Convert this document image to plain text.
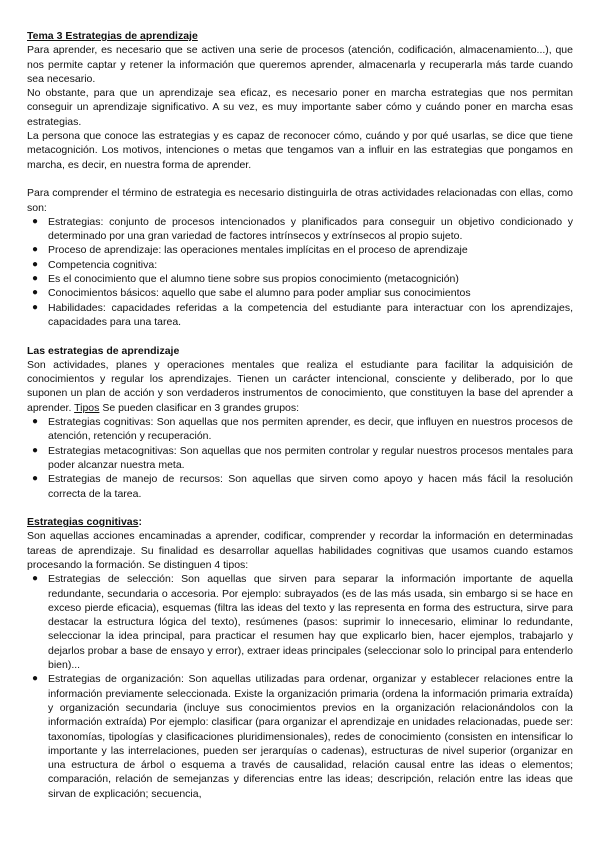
Tema 3 Estrategias de aprendizaje

Para aprender, es necesario que se activen una serie de procesos (atención, codificación, almacenamiento...), que nos permite captar y retener la información que queremos aprender, almacenarla y recuperarla más tarde cuando sea necesario.

No obstante, para que un aprendizaje sea eficaz, es necesario poner en marcha estrategias que nos permitan conseguir un aprendizaje significativo. A su vez, es muy importante saber cómo y cuándo poner en marcha esas estrategias.

La persona que conoce las estrategias y es capaz de reconocer cómo, cuándo y por qué usarlas, se dice que tiene metacognición. Los motivos, intenciones o metas que tengamos van a influir en las estrategias que pongamos en marcha, es decir, en nuestra forma de aprender.

Para comprender el término de estrategia es necesario distinguirla de otras actividades relacionadas con ellas, como son:

● Estrategias: conjunto de procesos intencionados y planificados para conseguir un objetivo condicionado y determinado por una gran variedad de factores intrínsecos y extrínsecos al propio sujeto.
● Proceso de aprendizaje: las operaciones mentales implícitas en el proceso de aprendizaje
● Competencia cognitiva:
● Es el conocimiento que el alumno tiene sobre sus propios conocimiento (metacognición)
● Conocimientos básicos: aquello que sabe el alumno para poder ampliar sus conocimientos
● Habilidades: capacidades referidas a la competencia del estudiante para interactuar con los aprendizajes, capacidades para una tarea.

Las estrategias de aprendizaje

Son actividades, planes y operaciones mentales que realiza el estudiante para facilitar la adquisición de conocimientos y regular los aprendizajes. Tienen un carácter intencional, consciente y deliberado, por lo que suponen un plan de acción y son verdaderos instrumentos de conocimiento, que constituyen la base del aprender a aprender. Tipos Se pueden clasificar en 3 grandes grupos:

● Estrategias cognitivas: Son aquellas que nos permiten aprender, es decir, que influyen en nuestros procesos de atención, retención y recuperación.
● Estrategias metacognitivas: Son aquellas que nos permiten controlar y regular nuestros procesos mentales para poder alcanzar nuestra meta.
● Estrategias de manejo de recursos: Son aquellas que sirven como apoyo y hacen más fácil la resolución correcta de la tarea.

Estrategias cognitivas:

Son aquellas acciones encaminadas a aprender, codificar, comprender y recordar la información en determinadas tareas de aprendizaje. Su finalidad es desarrollar aquellas habilidades cognitivas que usamos cuando estamos procesando la formación. Se distinguen 4 tipos:

● Estrategias de selección: Son aquellas que sirven para separar la información importante de aquella redundante, secundaria o accesoria. Por ejemplo: subrayados (es de las más usada, sin embargo si se hace en exceso pierde eficacia), esquemas (filtra las ideas del texto y las representa en forma des estructura, sirve para destacar la estructura lógica del texto), resúmenes (pasos: suprimir lo innecesario, eliminar lo redundante, seleccionar la idea principal, para practicar el resumen hay que explicarlo bien, hacer ejemplos, trabajarlo y dejarlos probar a base de ensayo y error), extraer ideas principales (seleccionar solo lo principal para entenderlo bien)...
● Estrategias de organización: Son aquellas utilizadas para ordenar, organizar y establecer relaciones entre la información previamente seleccionada. Existe la organización primaria (ordena la información primaria extraída) y organización secundaria (incluye sus conocimientos previos en la organización relacionándolos con la información extraída) Por ejemplo: clasificar (para organizar el aprendizaje en unidades relacionadas, puede ser: taxonomías, tipologías y clasificaciones pluridimensionales), redes de conocimiento (consisten en intensificar lo importante y las interrelaciones, pueden ser jerarquías o cadenas), estructuras de nivel superior (organizar en una estructura de árbol o esquema a través de causalidad, relación causal entre las ideas o elementos; comparación, relación de semejanzas y diferencias entre las ideas; descripción, relación entre las ideas que sirvan de explicación; secuencia,
